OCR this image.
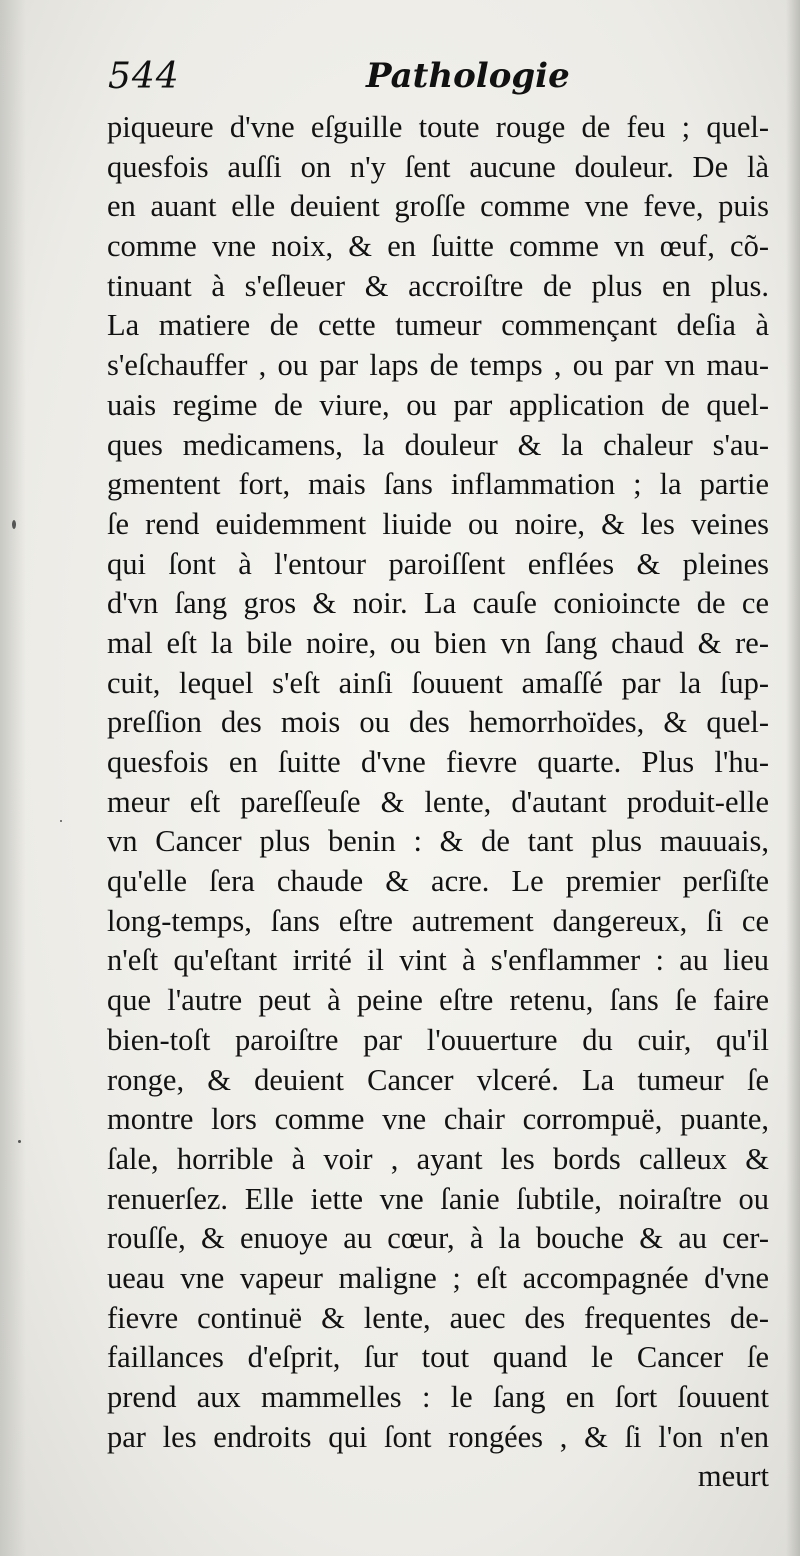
544	Pathologie
piqueure d'vne eſguille toute rouge de feu ; quel-
quesfois auſſi on n'y ſent aucune douleur. De là
en auant elle deuient groſſe comme vne feve, puis
comme vne noix, & en ſuitte comme vn œuf, cõ-
tinuant à s'eſleuer & accroiſtre de plus en plus.
La matiere de cette tumeur commençant deſia à
s'eſchauffer , ou par laps de temps , ou par vn mau-
uais regime de viure, ou par application de quel-
ques medicamens, la douleur & la chaleur s'au-
gmentent fort, mais ſans inflammation ; la partie
ſe rend euidemment liuide ou noire, & les veines
qui ſont à l'entour paroiſſent enflées & pleines
d'vn ſang gros & noir. La cauſe conioincte de ce
mal eſt la bile noire, ou bien vn ſang chaud & re-
cuit, lequel s'eſt ainſi ſouuent amaſſé par la ſup-
preſſion des mois ou des hemorrhoïdes, & quel-
quesfois en ſuitte d'vne fievre quarte. Plus l'hu-
meur eſt pareſſeuſe & lente, d'autant produit-elle
vn Cancer plus benin : & de tant plus mauuais,
qu'elle ſera chaude & acre. Le premier perſiſte
long-temps, ſans eſtre autrement dangereux, ſi ce
n'eſt qu'eſtant irrité il vint à s'enflammer : au lieu
que l'autre peut à peine eſtre retenu, ſans ſe faire
bien-toſt paroiſtre par l'ouuerture du cuir, qu'il
ronge, & deuient Cancer vlceré. La tumeur ſe
montre lors comme vne chair corrompuë, puante,
ſale, horrible à voir , ayant les bords calleux &
renuerſez. Elle iette vne ſanie ſubtile, noiraſtre ou
rouſſe, & enuoye au cœur, à la bouche & au cer-
ueau vne vapeur maligne ; eſt accompagnée d'vne
fievre continuë & lente, auec des frequentes de-
faillances d'eſprit, ſur tout quand le Cancer ſe
prend aux mammelles : le ſang en ſort ſouuent
par les endroits qui ſont rongées , & ſi l'on n'en
meurt
